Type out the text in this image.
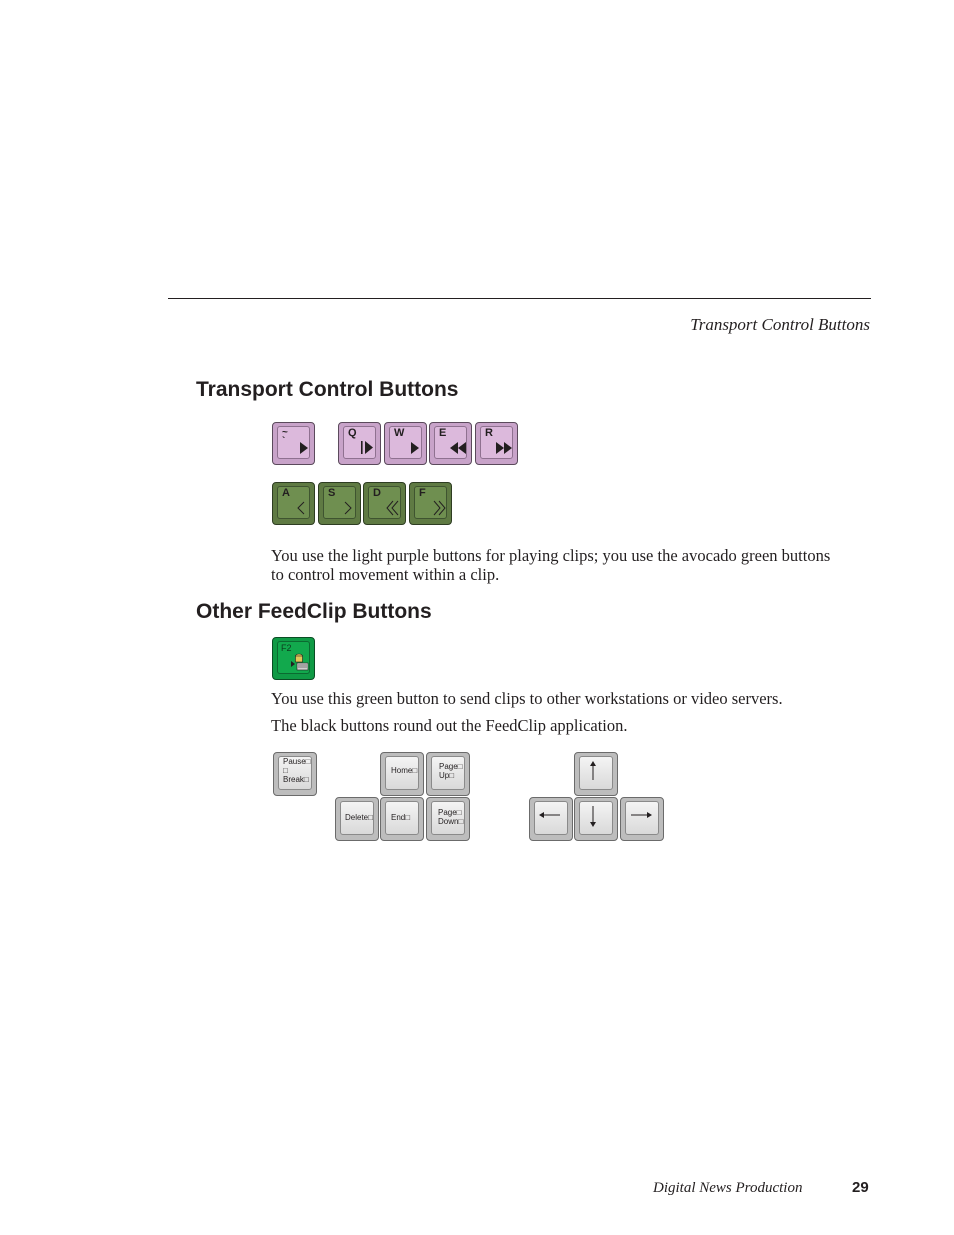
Transport Control Buttons
Transport Control Buttons
~
`
Q	W	E	R
A	S	D	F

You use the light purple buttons for playing clips; you use the avocado green buttons to control movement within a clip.

Other FeedClip Buttons
F2

You use this green button to send clips to other workstations or video servers.

The black buttons round out the FeedClip application.

Pause□
□
Break□
Home□	Page□
Up□
Delete□ End□
Page□
Down□
Digital News Production	29
